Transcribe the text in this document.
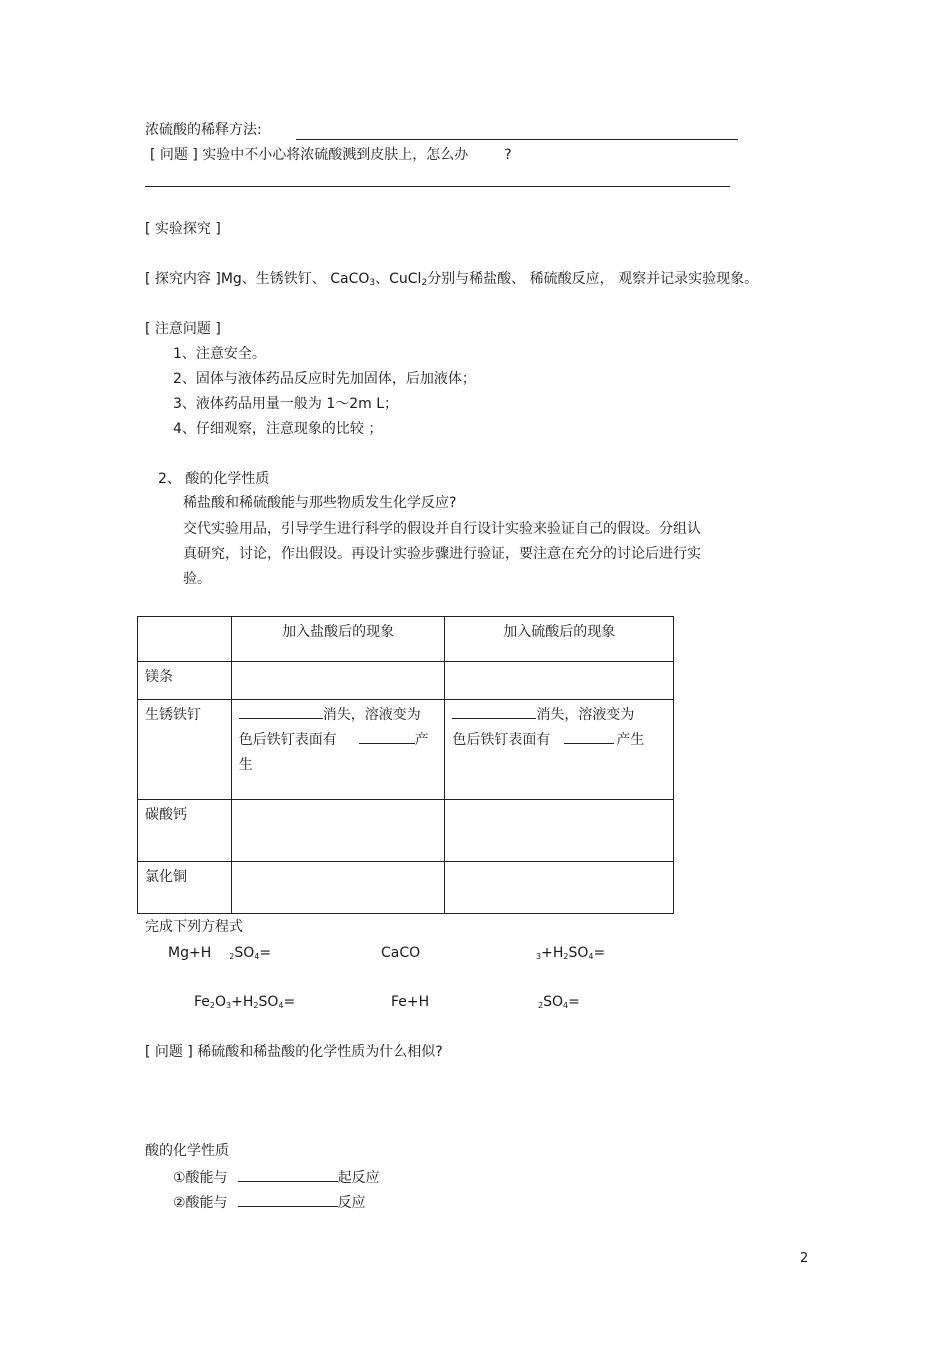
浓硫酸的稀释方法:
[ 问题 ] 实验中不小心将浓硫酸溅到皮肤上，怎么办	?
[ 实验探究 ]
[ 探究内容 ]Mg、生锈铁钉、 CaCO$_3$、CuCl$_2$分别与稀盐酸、 稀硫酸反应， 观察并记录实验现象。
[ 注意问题 ]
1、注意安全。
2、固体与液体药品反应时先加固体，后加液体；
3、液体药品用量一般为 1～2m L；
4、仔细观察，注意现象的比较 ；
2、 酸的化学性质
稀盐酸和稀硫酸能与那些物质发生化学反应?
交代实验用品，引导学生进行科学的假设并自行设计实验来验证自己的假设。分组认
真研究，讨论，作出假设。再设计实验步骤进行验证，要注意在充分的讨论后进行实
验。
	加入盐酸后的现象	加入硫酸后的现象
镁条		
生锈铁钉	消失，溶液变为
色后铁钉表面有 产
生	消失，溶液变为
色后铁钉表面有 产生
碳酸钙		
氯化铜		
完成下列方程式
Mg+H $_2SO_4=$	CaCO	$_3+H_2SO_4=$
$Fe_2O_3+H_2SO_4=$	Fe+H	$_2SO_4=$
[ 问题 ] 稀硫酸和稀盐酸的化学性质为什么相似?
酸的化学性质
①酸能与	起反应
②酸能与	反应
2
